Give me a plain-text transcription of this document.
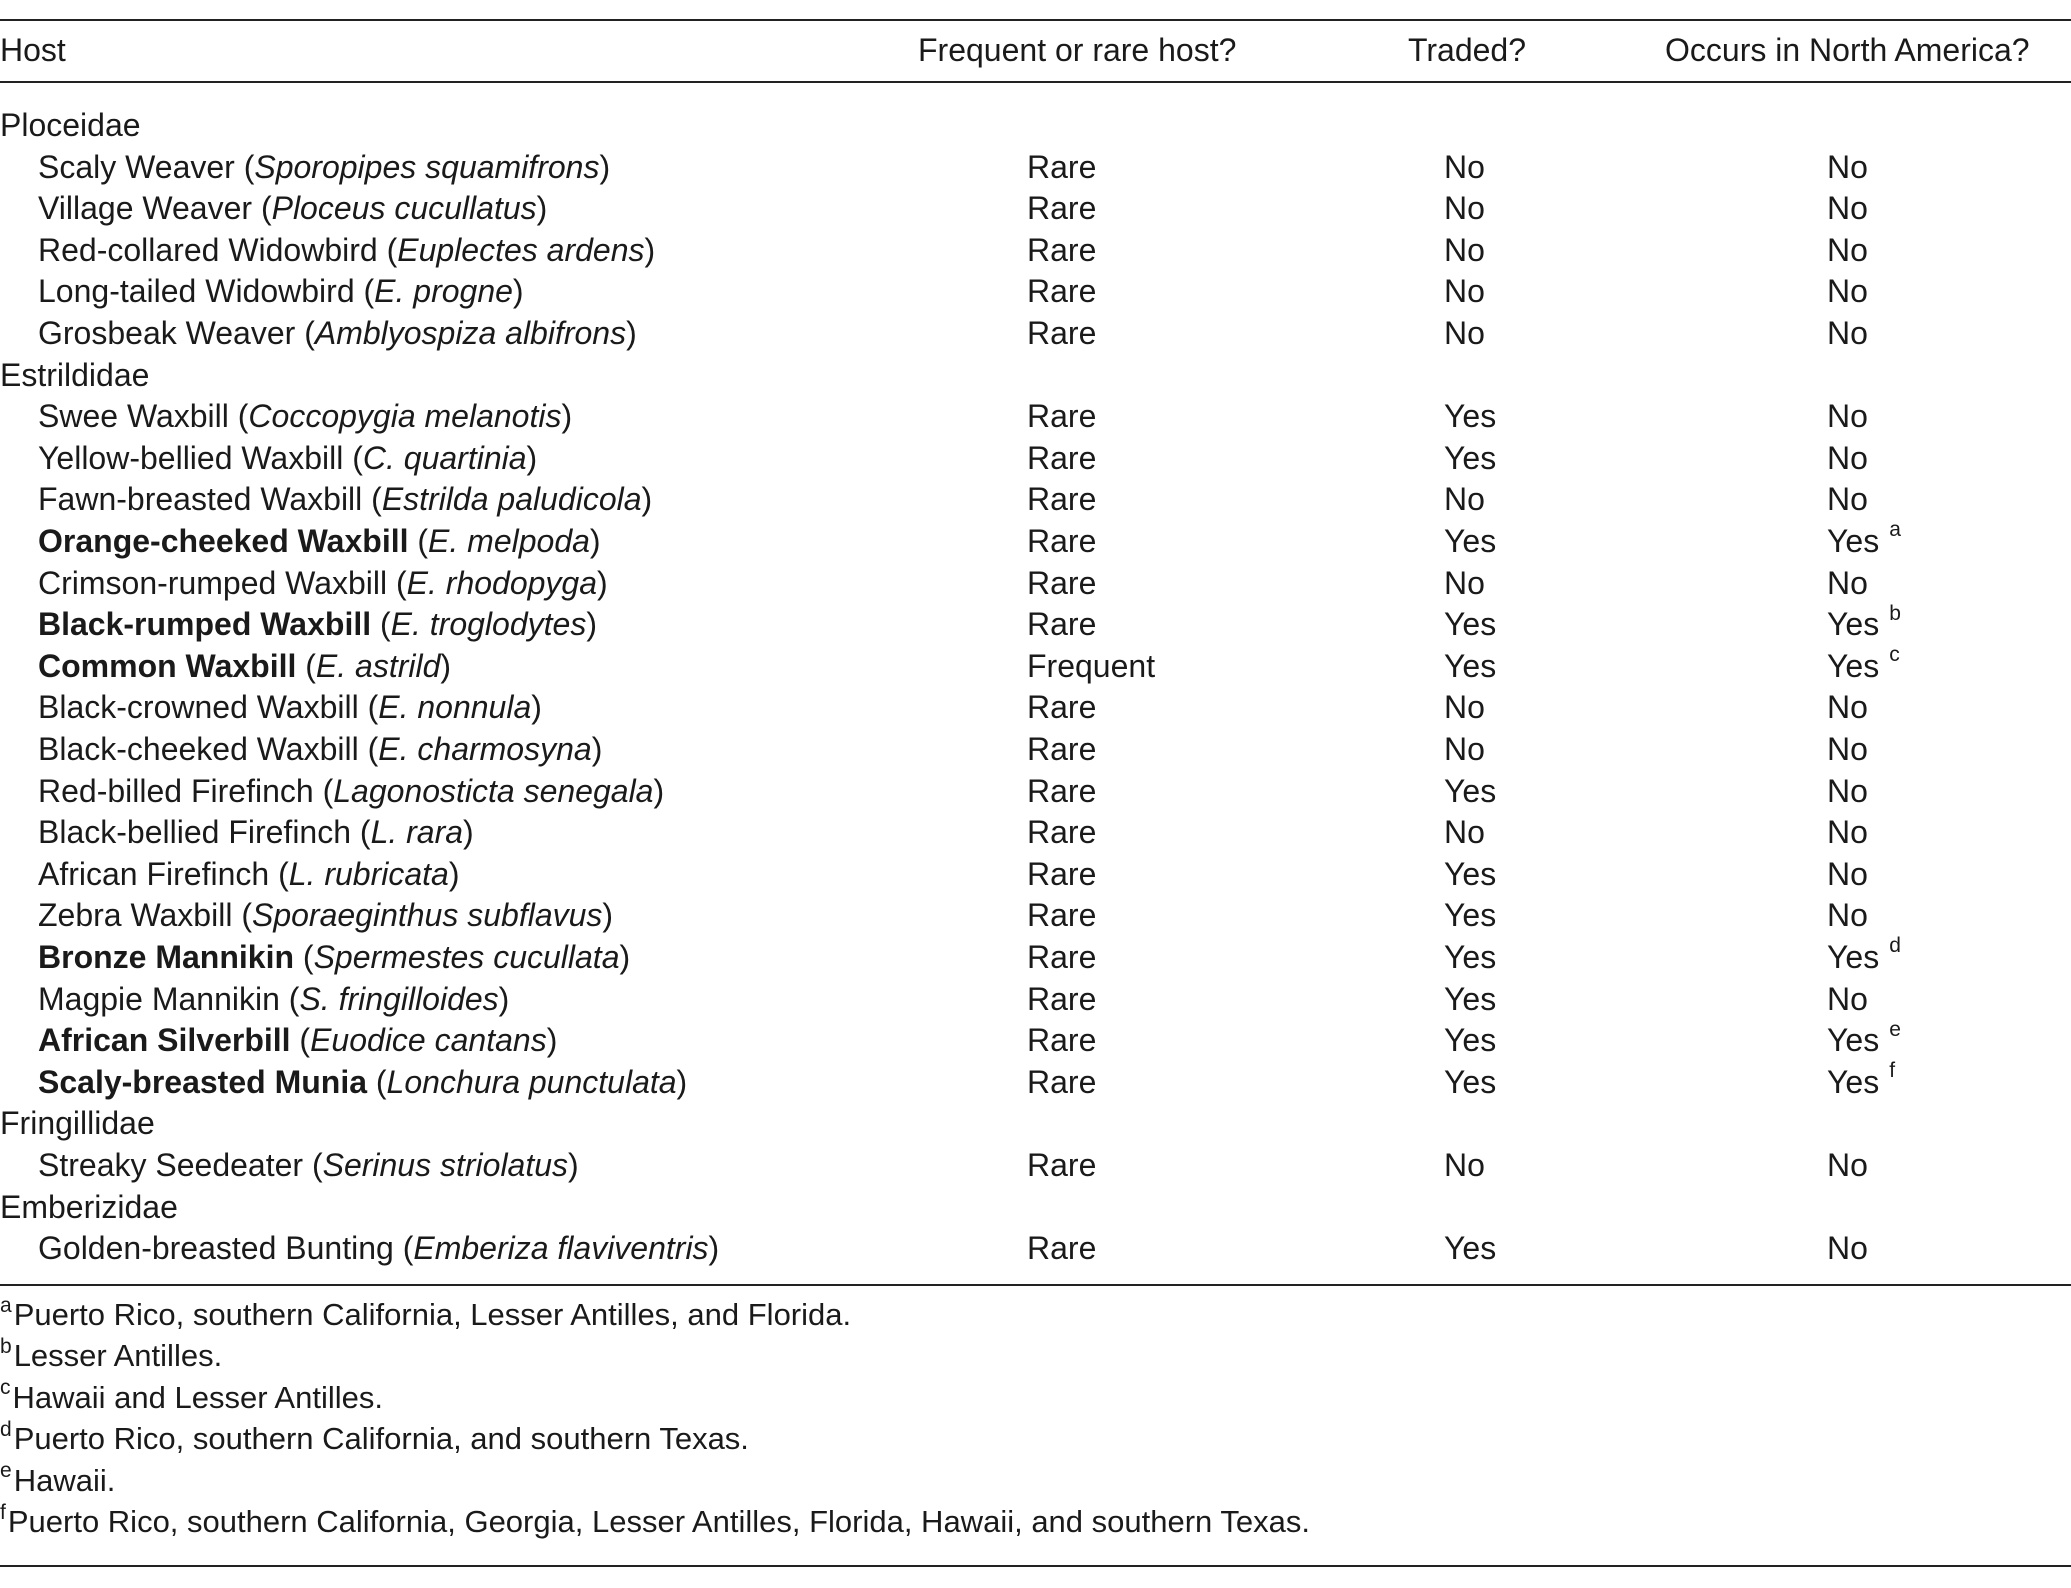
Host	Frequent or rare host?	Traded?	Occurs in North America?
Ploceidae
Scaly Weaver (Sporopipes squamifrons)	Rare	No	No
Village Weaver (Ploceus cucullatus)	Rare	No	No
Red-collared Widowbird (Euplectes ardens)	Rare	No	No
Long-tailed Widowbird (E. progne)	Rare	No	No
Grosbeak Weaver (Amblyospiza albifrons)	Rare	No	No
Estrildidae
Swee Waxbill (Coccopygia melanotis)	Rare	Yes	No
Yellow-bellied Waxbill (C. quartinia)	Rare	Yes	No
Fawn-breasted Waxbill (Estrilda paludicola)	Rare	No	No
Orange-cheeked Waxbill (E. melpoda)	Rare	Yes	Yes $^a$
Crimson-rumped Waxbill (E. rhodopyga)	Rare	No	No
Black-rumped Waxbill (E. troglodytes)	Rare	Yes	Yes $^b$
Common Waxbill (E. astrild)	Frequent	Yes	Yes $^c$
Black-crowned Waxbill (E. nonnula)	Rare	No	No
Black-cheeked Waxbill (E. charmosyna)	Rare	No	No
Red-billed Firefinch (Lagonosticta senegala)	Rare	Yes	No
Black-bellied Firefinch (L. rara)	Rare	No	No
African Firefinch (L. rubricata)	Rare	Yes	No
Zebra Waxbill (Sporaeginthus subflavus)	Rare	Yes	No
Bronze Mannikin (Spermestes cucullata)	Rare	Yes	Yes $^d$
Magpie Mannikin (S. fringilloides)	Rare	Yes	No
African Silverbill (Euodice cantans)	Rare	Yes	Yes $^e$
Scaly-breasted Munia (Lonchura punctulata)	Rare	Yes	Yes $^f$
Fringillidae
Streaky Seedeater (Serinus striolatus)	Rare	No	No
Emberizidae
Golden-breasted Bunting (Emberiza flaviventris)	Rare	Yes	No
$^a$Puerto Rico, southern California, Lesser Antilles, and Florida.
$^b$Lesser Antilles.
$^c$Hawaii and Lesser Antilles.
$^d$Puerto Rico, southern California, and southern Texas.
$^e$Hawaii.
$^f$Puerto Rico, southern California, Georgia, Lesser Antilles, Florida, Hawaii, and southern Texas.
